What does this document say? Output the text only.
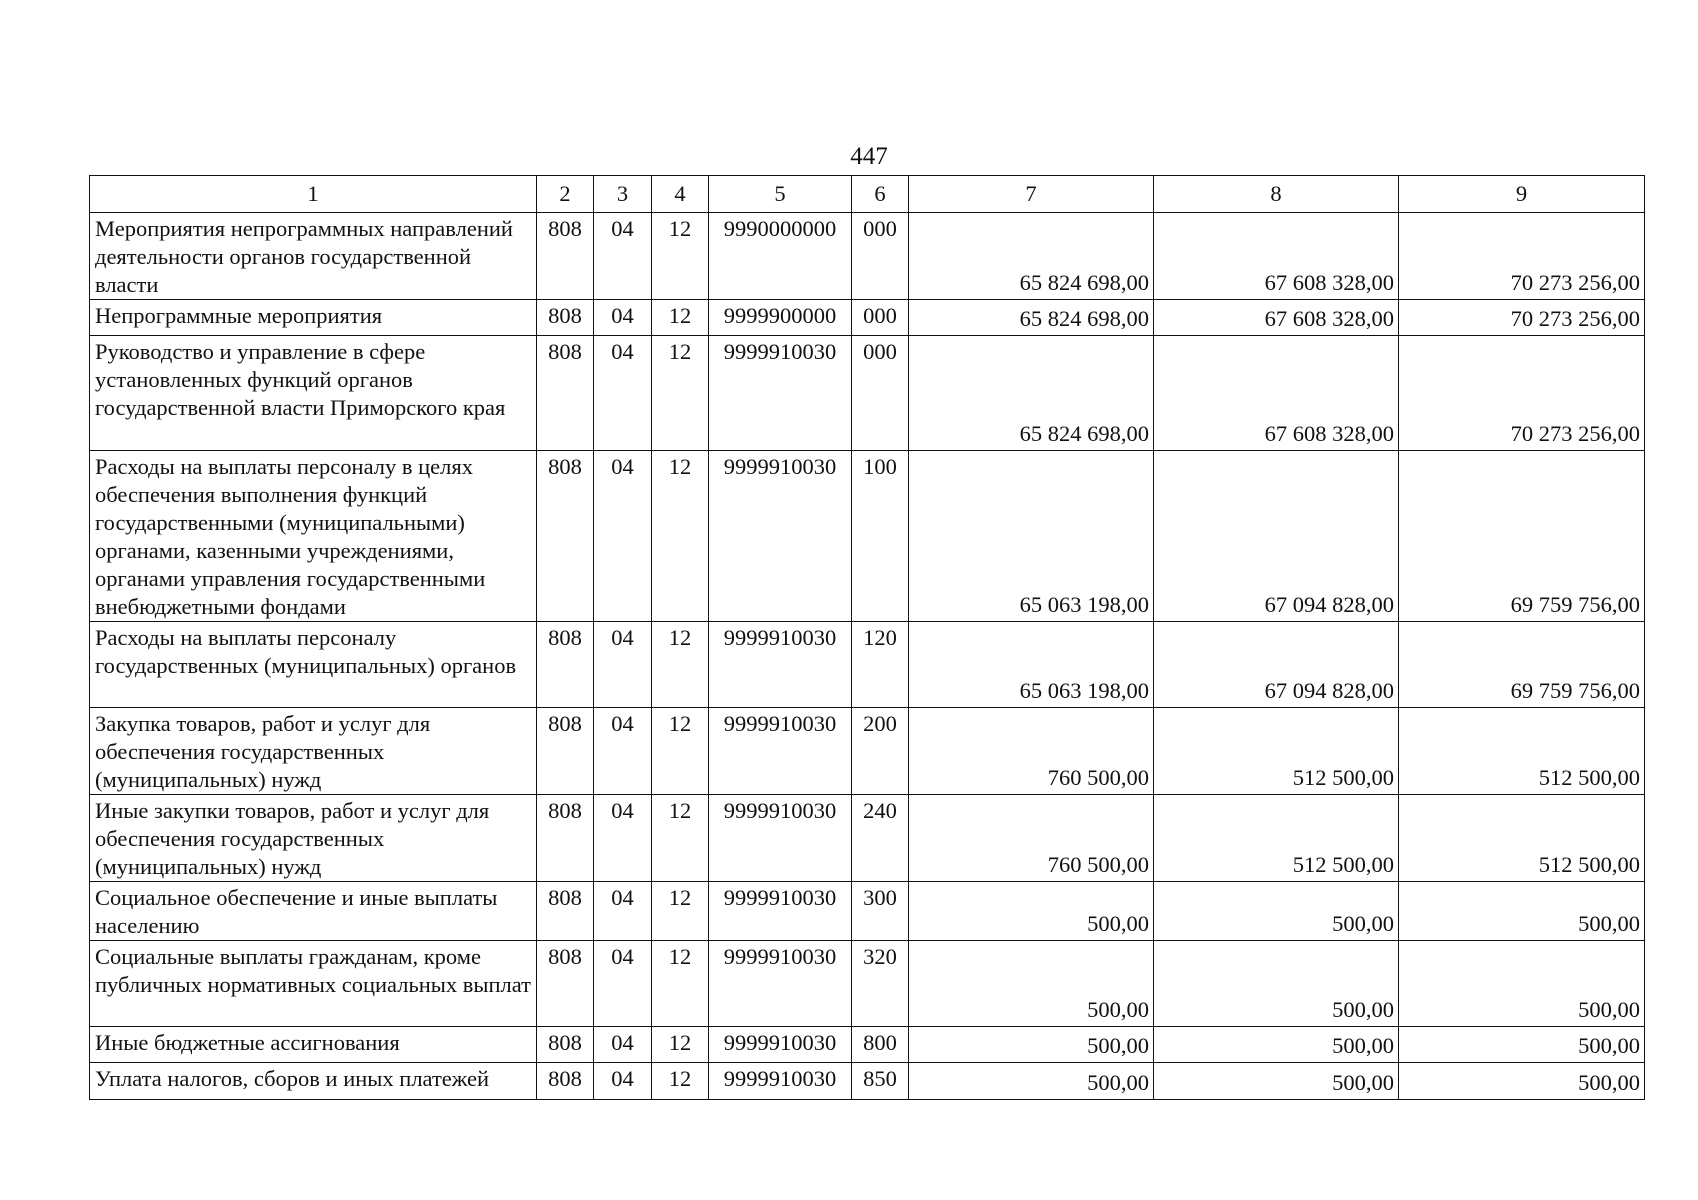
447
1	2	3	4	5	6	7	8	9
Мероприятия непрограммных направлений деятельности органов государственной власти	808	04	12	9990000000	000	65 824 698,00	67 608 328,00	70 273 256,00
Непрограммные мероприятия	808	04	12	9999900000	000	65 824 698,00	67 608 328,00	70 273 256,00
Руководство и управление в сфере установленных функций органов государственной власти Приморского края	808	04	12	9999910030	000	65 824 698,00	67 608 328,00	70 273 256,00
Расходы на выплаты персоналу в целях обеспечения выполнения функций государственными (муниципальными) органами, казенными учреждениями, органами управления государственными внебюджетными фондами	808	04	12	9999910030	100	65 063 198,00	67 094 828,00	69 759 756,00
Расходы на выплаты персоналу государственных (муниципальных) органов	808	04	12	9999910030	120	65 063 198,00	67 094 828,00	69 759 756,00
Закупка товаров, работ и услуг для обеспечения государственных (муниципальных) нужд	808	04	12	9999910030	200	760 500,00	512 500,00	512 500,00
Иные закупки товаров, работ и услуг для обеспечения государственных (муниципальных) нужд	808	04	12	9999910030	240	760 500,00	512 500,00	512 500,00
Социальное обеспечение и иные выплаты населению	808	04	12	9999910030	300	500,00	500,00	500,00
Социальные выплаты гражданам, кроме публичных нормативных социальных выплат	808	04	12	9999910030	320	500,00	500,00	500,00
Иные бюджетные ассигнования	808	04	12	9999910030	800	500,00	500,00	500,00
Уплата налогов, сборов и иных платежей	808	04	12	9999910030	850	500,00	500,00	500,00
